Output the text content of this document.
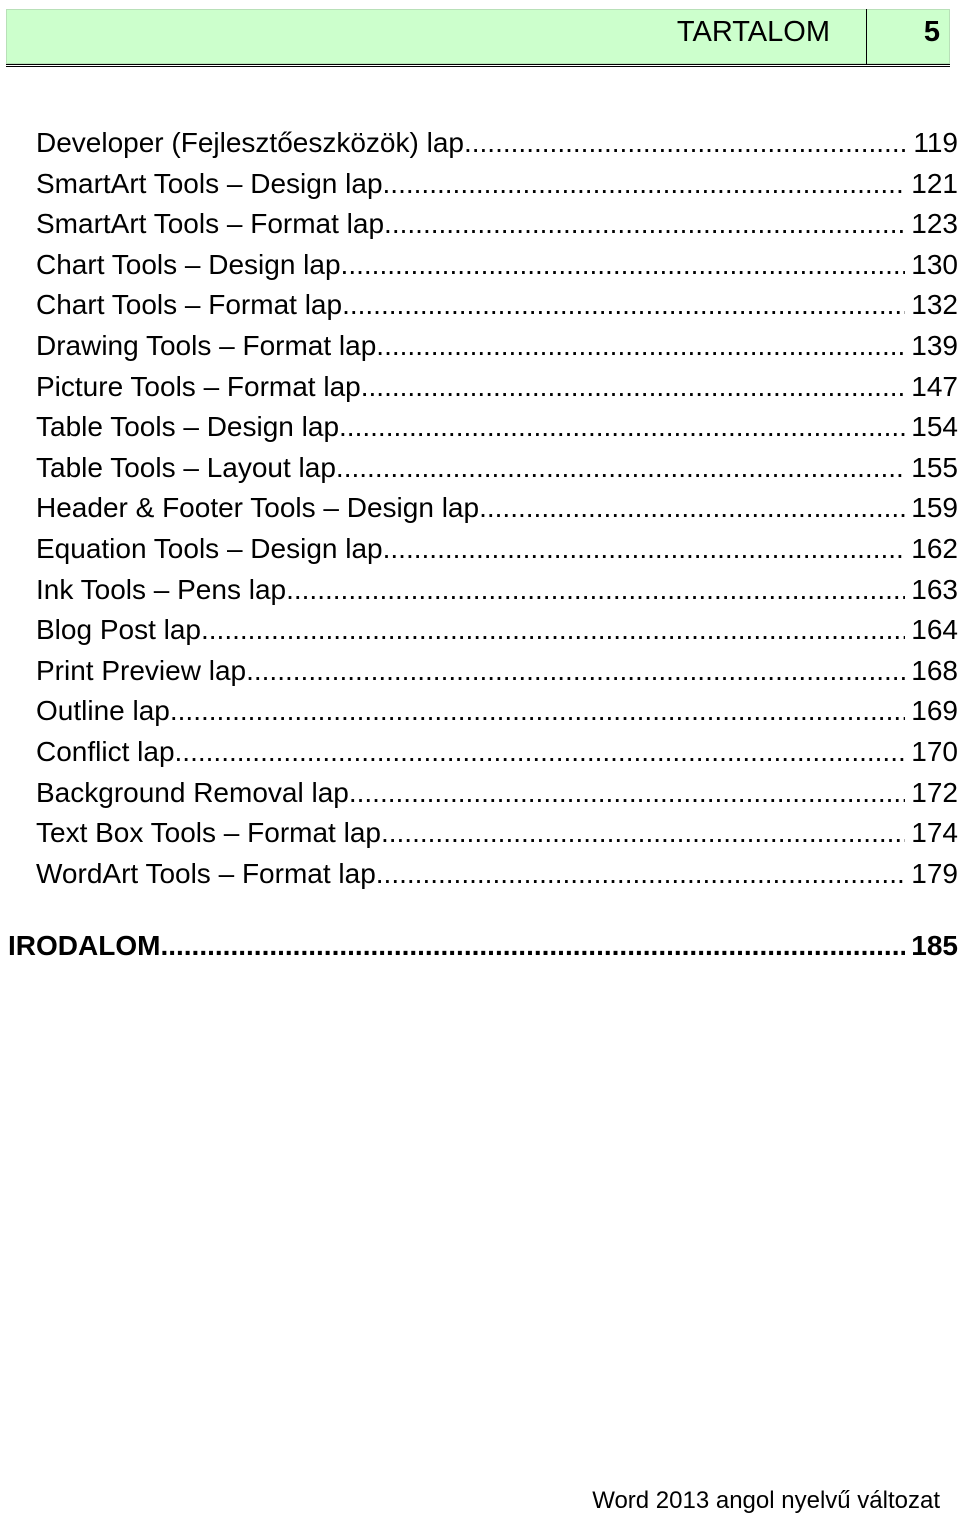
TARTALOM	5
Developer (Fejlesztőeszközök) lap .....	119
SmartArt Tools – Design lap .....	121
SmartArt Tools – Format lap .....	123
Chart Tools – Design lap .....	130
Chart Tools – Format lap .....	132
Drawing Tools – Format lap .....	139
Picture Tools – Format lap .....	147
Table Tools – Design lap .....	154
Table Tools – Layout lap .....	155
Header & Footer Tools – Design lap .....	159
Equation Tools – Design lap .....	162
Ink Tools – Pens lap .....	163
Blog Post lap .....	164
Print Preview lap .....	168
Outline lap .....	169
Conflict lap .....	170
Background Removal lap .....	172
Text Box Tools – Format lap .....	174
WordArt Tools – Format lap .....	179
IRODALOM .....	185
Word 2013 angol nyelvű változat
